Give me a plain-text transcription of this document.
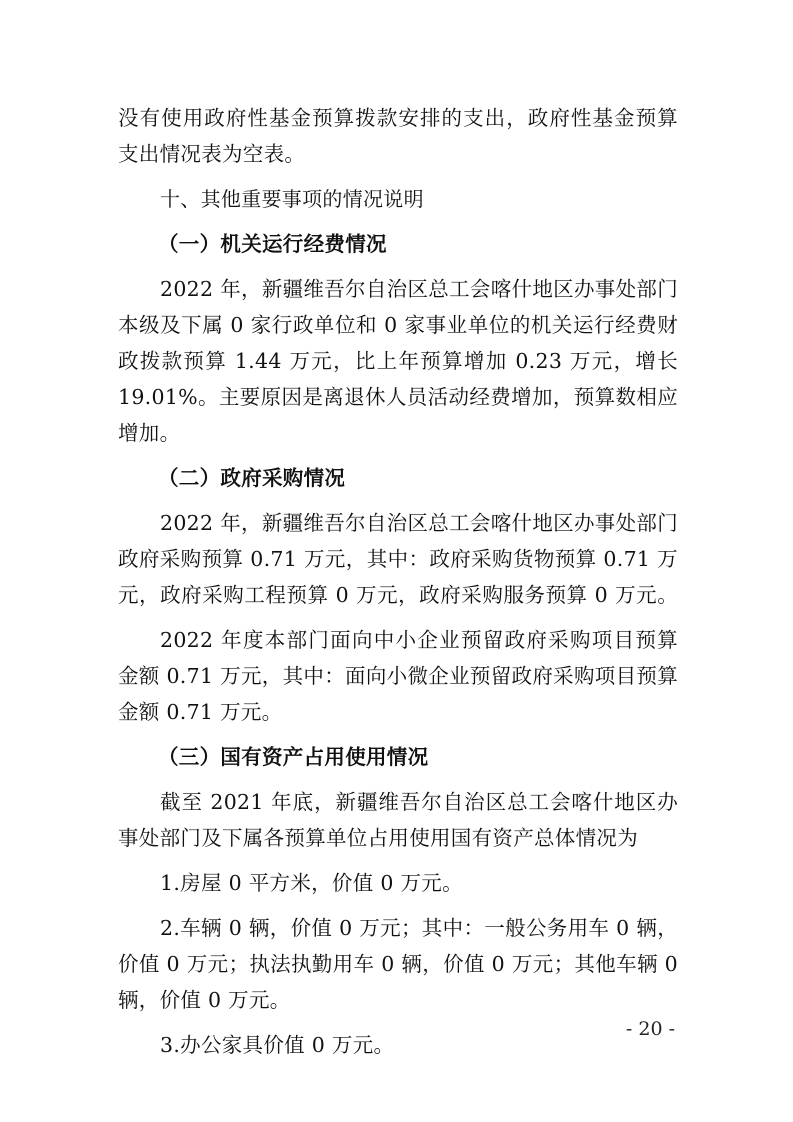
没有使用政府性基金预算拨款安排的支出，政府性基金预算
支出情况表为空表。
十、其他重要事项的情况说明
（一）机关运行经费情况
2022 年，新疆维吾尔自治区总工会喀什地区办事处部门
本级及下属 0 家行政单位和 0 家事业单位的机关运行经费财
政拨款预算 1.44 万元，比上年预算增加 0.23 万元，增长
19.01%。主要原因是离退休人员活动经费增加，预算数相应
增加。
（二）政府采购情况
2022 年，新疆维吾尔自治区总工会喀什地区办事处部门
政府采购预算 0.71 万元，其中：政府采购货物预算 0.71 万
元，政府采购工程预算 0 万元，政府采购服务预算 0 万元。
2022 年度本部门面向中小企业预留政府采购项目预算
金额 0.71 万元，其中：面向小微企业预留政府采购项目预算
金额 0.71 万元。
（三）国有资产占用使用情况
截至 2021 年底，新疆维吾尔自治区总工会喀什地区办
事处部门及下属各预算单位占用使用国有资产总体情况为
1.房屋 0 平方米，价值 0 万元。
2.车辆 0 辆，价值 0 万元；其中：一般公务用车 0 辆，
价值 0 万元；执法执勤用车 0 辆，价值 0 万元；其他车辆 0
辆，价值 0 万元。
3.办公家具价值 0 万元。
- 20 -
